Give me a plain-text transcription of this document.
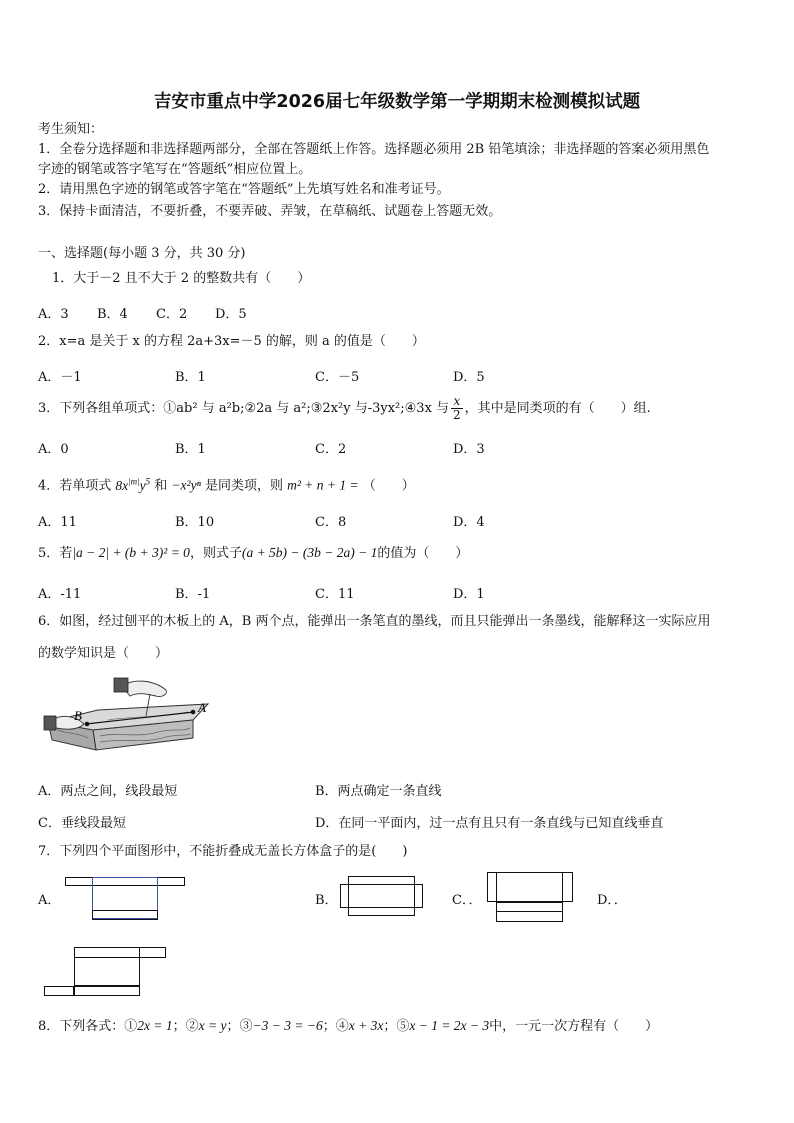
吉安市重点中学2026届七年级数学第一学期期末检测模拟试题
考生须知：
1．全卷分选择题和非选择题两部分，全部在答题纸上作答。选择题必须用 2B 铅笔填涂；非选择题的答案必须用黑色
字迹的钢笔或答字笔写在“答题纸”相应位置上。
2．请用黑色字迹的钢笔或答字笔在“答题纸”上先填写姓名和准考证号。
3．保持卡面清洁，不要折叠，不要弄破、弄皱，在草稿纸、试题卷上答题无效。
一、选择题(每小题 3 分，共 30 分)
1．大于－2 且不大于 2 的整数共有（　　）
A．3 B．4 C．2 D．5
2．x=a 是关于 x 的方程 2a+3x=－5 的解，则 a 的值是（　　）
A．－1	B．1	C．－5	D．5
3．下列各组单项式：①ab² 与 a²b;②2a 与 a²;③2x²y 与-3yx²;④3x 与 $\frac{x}{2}$ ，其中是同类项的有（　　）组.
A．0	B．1	C．2	D．3
4．若单项式 $8x^{|m|}y^5$ 和 −x²yⁿ 是同类项，则 m² + n + 1 = （　　）
A．11	B．10	C．8	D．4
5．若|a − 2| + (b + 3)² = 0，则式子(a + 5b) − (3b − 2a) − 1的值为（　　）
A．-11	B．-1	C．11	D．1
6．如图，经过刨平的木板上的 A，B 两个点，能弹出一条笔直的墨线，而且只能弹出一条墨线，能解释这一实际应用
的数学知识是（　　）
B
A
A．两点之间，线段最短	B．两点确定一条直线
C．垂线段最短	D．在同一平面内，过一点有且只有一条直线与已知直线垂直
7．下列四个平面图形中，不能折叠成无盖长方体盒子的是(　　)
A．	B．	C．．	D．．
8．下列各式：①2x = 1；②x = y；③−3 − 3 = −6；④x + 3x；⑤x − 1 = 2x − 3中，一元一次方程有（　　）
